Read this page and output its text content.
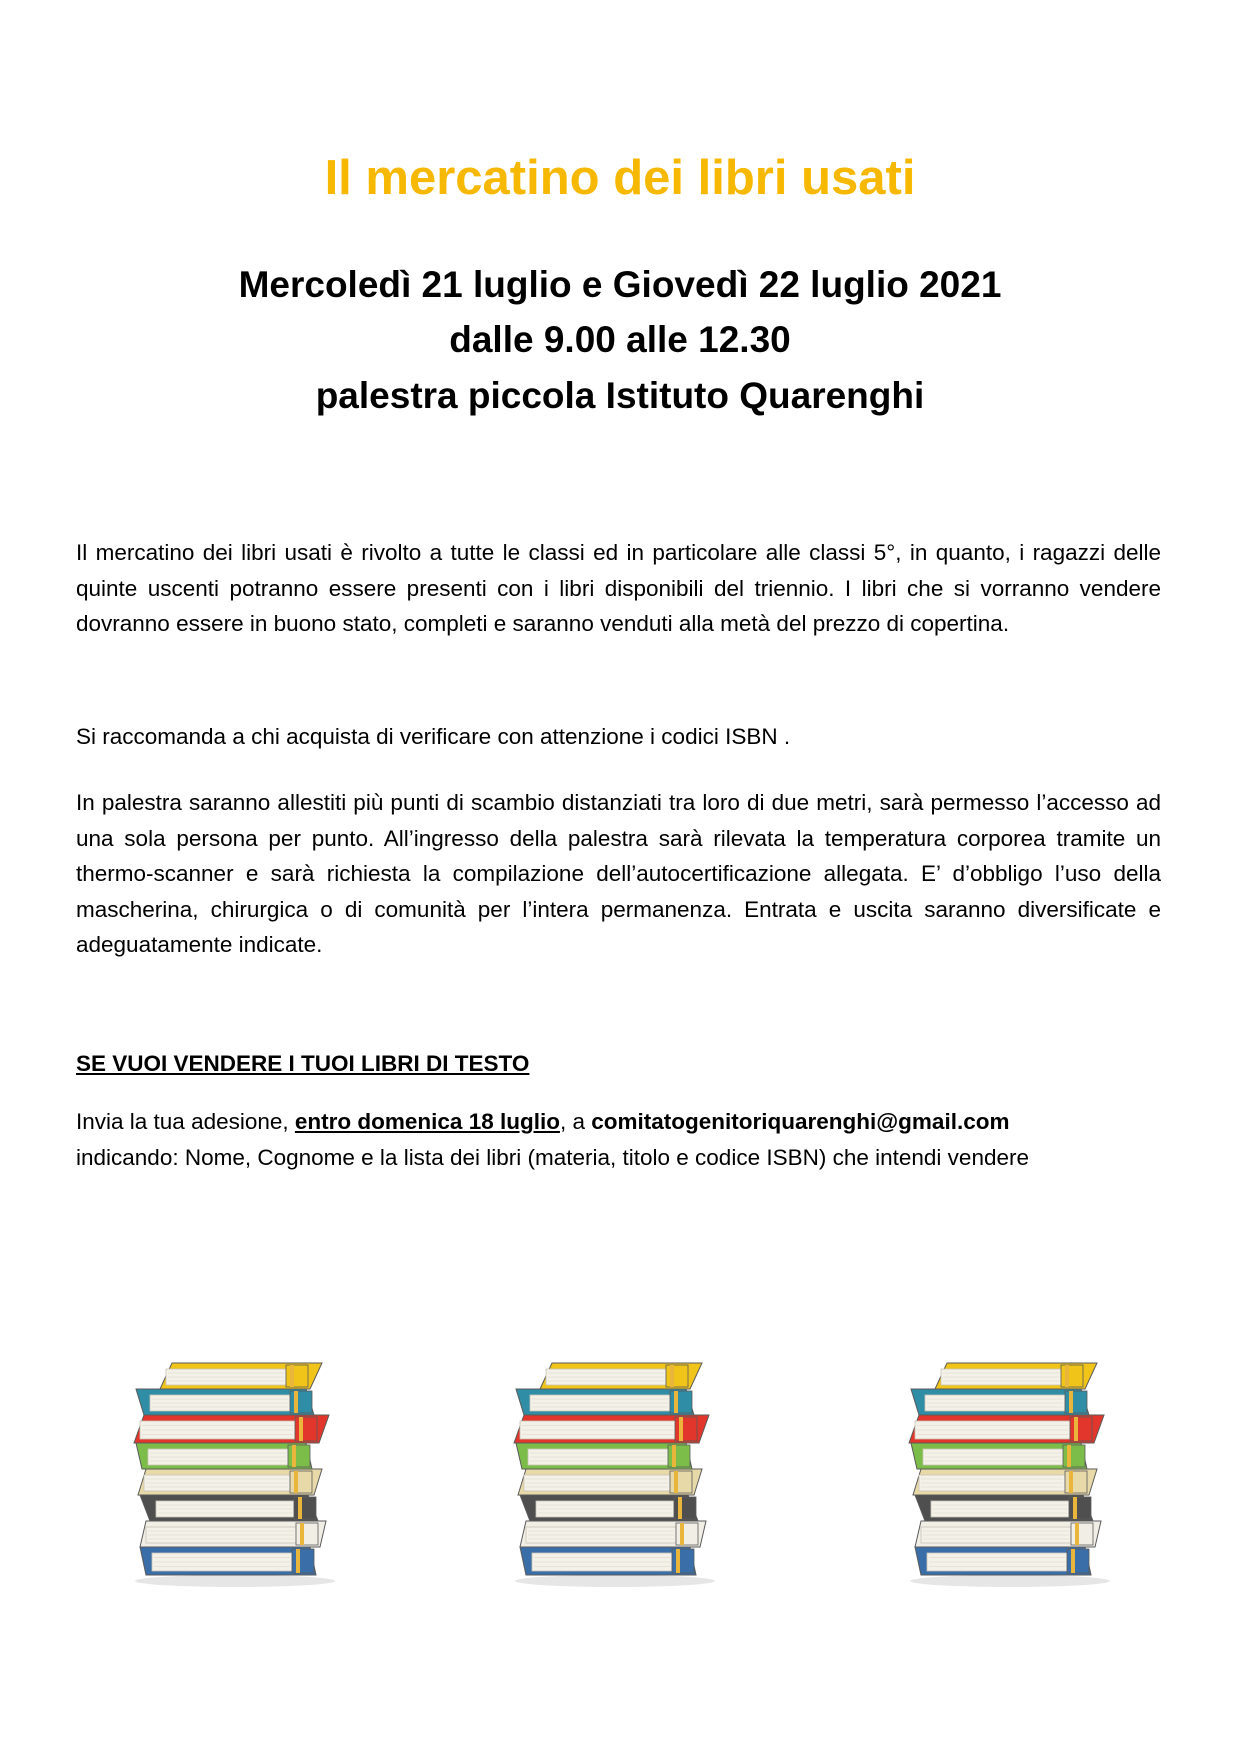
Il mercatino dei libri usati
Mercoledì 21 luglio e Giovedì 22 luglio 2021
dalle 9.00 alle 12.30
palestra piccola Istituto Quarenghi

Il mercatino dei libri usati è rivolto a tutte le classi ed in particolare alle classi 5°, in quanto, i ragazzi delle quinte uscenti potranno essere presenti con i libri disponibili del triennio. I libri che si vorranno vendere dovranno essere in buono stato, completi e saranno venduti alla metà del prezzo di copertina.

Si raccomanda a chi acquista di verificare con attenzione i codici ISBN .

In palestra saranno allestiti più punti di scambio distanziati tra loro di due metri, sarà permesso l’accesso ad una sola persona per punto. All’ingresso della palestra sarà rilevata la temperatura corporea tramite un thermo-scanner e sarà richiesta la compilazione dell’autocertificazione allegata. E’ d’obbligo l’uso della mascherina, chirurgica o di comunità per l’intera permanenza. Entrata e uscita saranno diversificate e adeguatamente indicate.

SE VUOI VENDERE I TUOI LIBRI DI TESTO
Invia la tua adesione, entro domenica 18 luglio, a comitatogenitoriquarenghi@gmail.com
indicando: Nome, Cognome e la lista dei libri (materia, titolo e codice ISBN) che intendi vendere
